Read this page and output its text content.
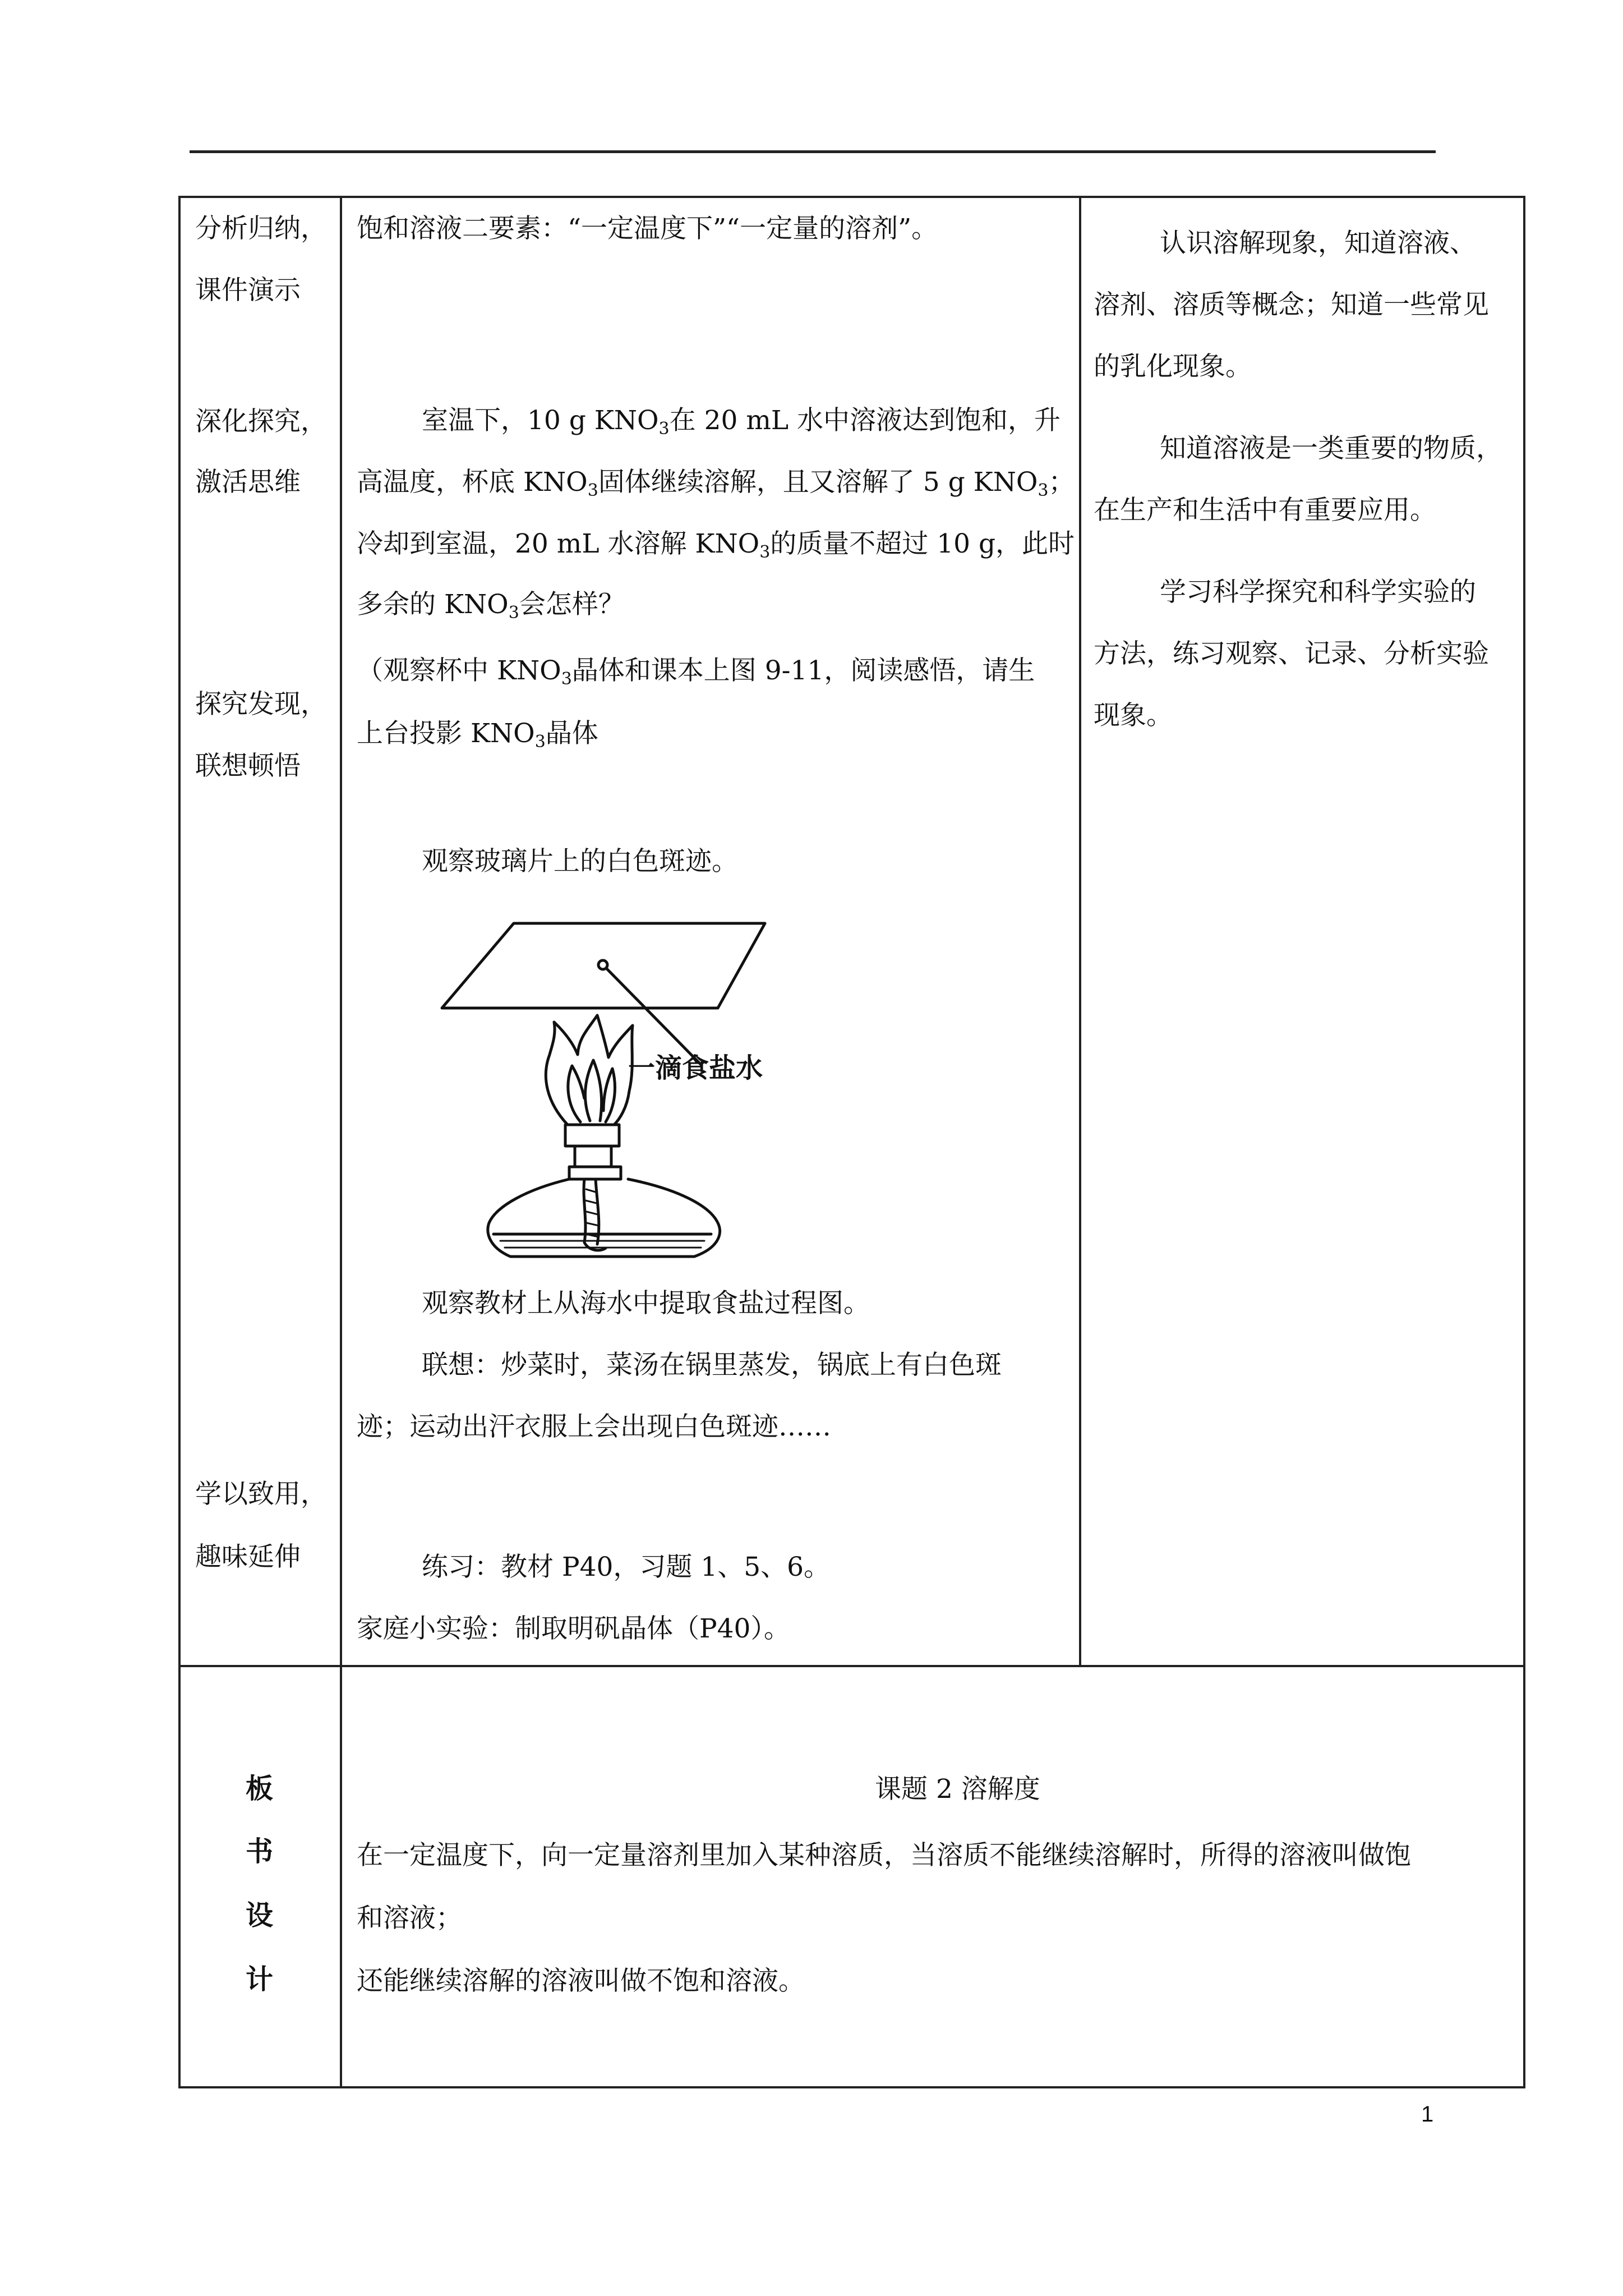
分析归纳，
课件演示
深化探究，
激活思维
探究发现，
联想顿悟
学以致用，
趣味延伸
饱和溶液二要素：“一定温度下”“一定量的溶剂”。
室温下，10 g $KNO_3$在 20 mL 水中溶液达到饱和，升
高温度，杯底 $KNO_3$固体继续溶解，且又溶解了 5 g $KNO_3$；
冷却到室温，20 mL 水溶解 $KNO_3$的质量不超过 10 g，此时
多余的 $KNO_3$会怎样？
（观察杯中 $KNO_3$晶体和课本上图 9-11，阅读感悟，请生
上台投影 $KNO_3$晶体
观察玻璃片上的白色斑迹。
一滴食盐水
观察教材上从海水中提取食盐过程图。
联想：炒菜时，菜汤在锅里蒸发，锅底上有白色斑
迹；运动出汗衣服上会出现白色斑迹……
练习：教材 P40，习题 1、5、6。
家庭小实验：制取明矾晶体（P40）。
认识溶解现象，知道溶液、
溶剂、溶质等概念；知道一些常见
的乳化现象。
知道溶液是一类重要的物质，
在生产和生活中有重要应用。
学习科学探究和科学实验的
方法，练习观察、记录、分析实验
现象。
板
书
设
计
课题 2 溶解度
在一定温度下，向一定量溶剂里加入某种溶质，当溶质不能继续溶解时，所得的溶液叫做饱
和溶液；
还能继续溶解的溶液叫做不饱和溶液。
1
